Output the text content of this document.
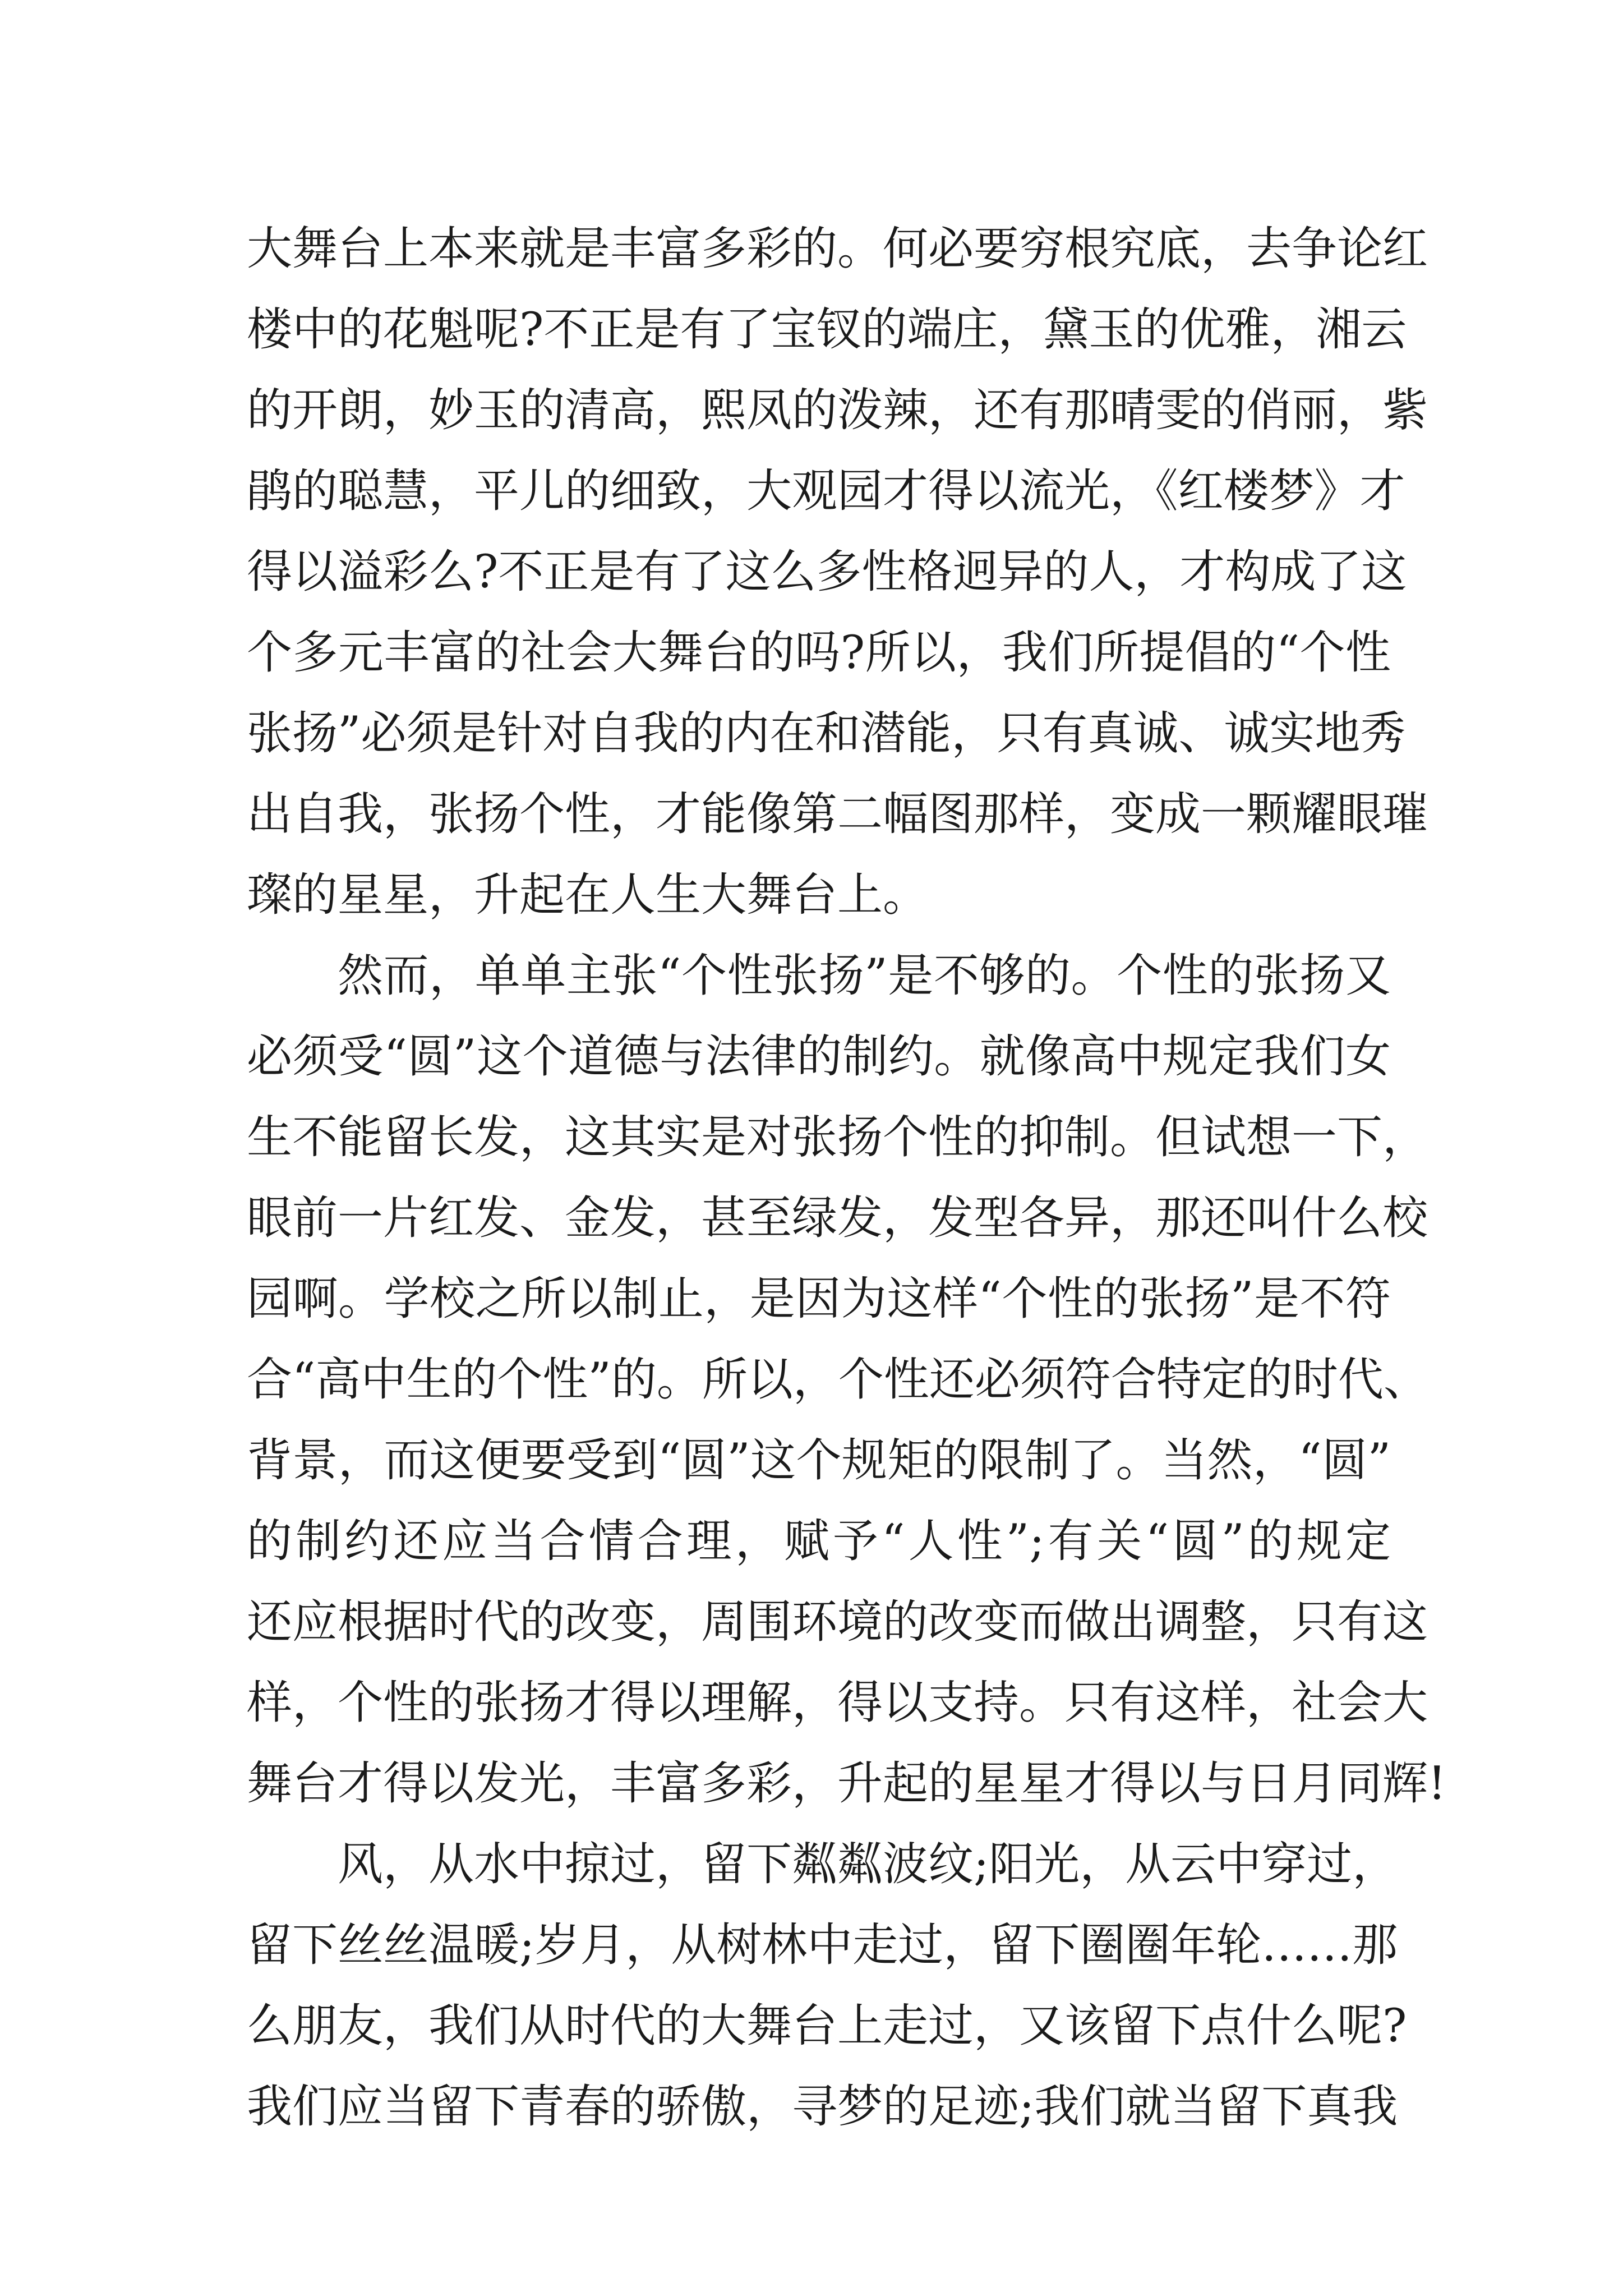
大舞台上本来就是丰富多彩的。何必要穷根究底，去争论红
楼中的花魁呢?不正是有了宝钗的端庄，黛玉的优雅，湘云
的开朗，妙玉的清高，熙凤的泼辣，还有那晴雯的俏丽，紫
鹃的聪慧，平儿的细致，大观园才得以流光，《红楼梦》才
得以溢彩么?不正是有了这么多性格迥异的人，才构成了这
个多元丰富的社会大舞台的吗?所以，我们所提倡的“个性
张扬”必须是针对自我的内在和潜能，只有真诚、诚实地秀
出自我，张扬个性，才能像第二幅图那样，变成一颗耀眼璀
璨的星星，升起在人生大舞台上。
然而，单单主张“个性张扬”是不够的。个性的张扬又
必须受“圆”这个道德与法律的制约。就像高中规定我们女
生不能留长发，这其实是对张扬个性的抑制。但试想一下，
眼前一片红发、金发，甚至绿发，发型各异，那还叫什么校
园啊。学校之所以制止，是因为这样“个性的张扬”是不符
合“高中生的个性”的。所以，个性还必须符合特定的时代、
背景，而这便要受到“圆”这个规矩的限制了。当然，“圆”
的制约还应当合情合理，赋予“人性”;有关“圆”的规定
还应根据时代的改变，周围环境的改变而做出调整，只有这
样，个性的张扬才得以理解，得以支持。只有这样，社会大
舞台才得以发光，丰富多彩，升起的星星才得以与日月同辉!
风，从水中掠过，留下粼粼波纹;阳光，从云中穿过，
留下丝丝温暖;岁月，从树林中走过，留下圈圈年轮……那
么朋友，我们从时代的大舞台上走过，又该留下点什么呢?
我们应当留下青春的骄傲，寻梦的足迹;我们就当留下真我
